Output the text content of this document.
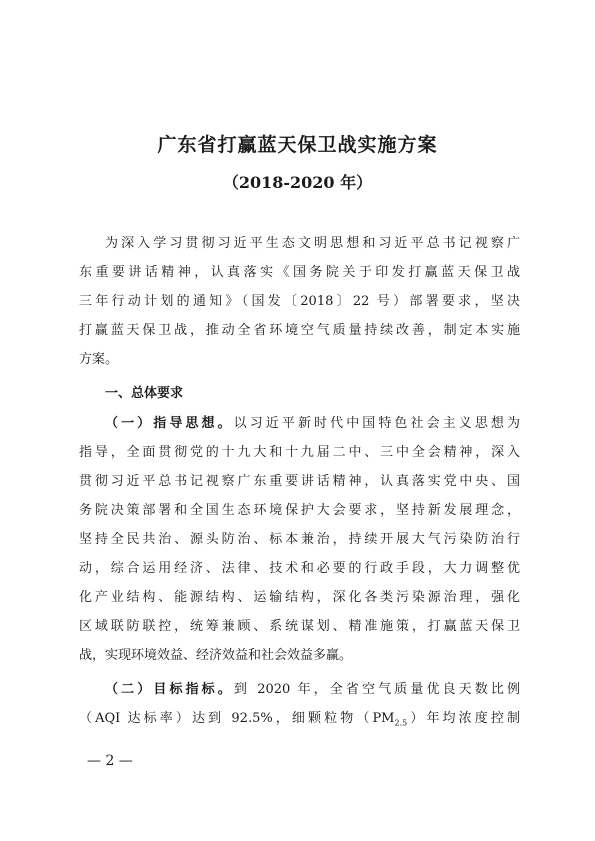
广东省打赢蓝天保卫战实施方案
（2018-2020 年）
为深入学习贯彻习近平生态文明思想和习近平总书记视察广
东重要讲话精神，认真落实《国务院关于印发打赢蓝天保卫战
三年行动计划的通知》（国发〔2018〕22 号）部署要求，坚决
打赢蓝天保卫战，推动全省环境空气质量持续改善，制定本实施
方案。
一、总体要求
（一）指导思想。以习近平新时代中国特色社会主义思想为
指导，全面贯彻党的十九大和十九届二中、三中全会精神，深入
贯彻习近平总书记视察广东重要讲话精神，认真落实党中央、国
务院决策部署和全国生态环境保护大会要求，坚持新发展理念，
坚持全民共治、源头防治、标本兼治，持续开展大气污染防治行
动，综合运用经济、法律、技术和必要的行政手段，大力调整优
化产业结构、能源结构、运输结构，深化各类污染源治理，强化
区域联防联控，统筹兼顾、系统谋划、精准施策，打赢蓝天保卫
战，实现环境效益、经济效益和社会效益多赢。
（二）目标指标。到 2020 年，全省空气质量优良天数比例
（AQI 达标率）达到 92.5%，细颗粒物$(PM_{2.5})$年均浓度控制
— 2 —
